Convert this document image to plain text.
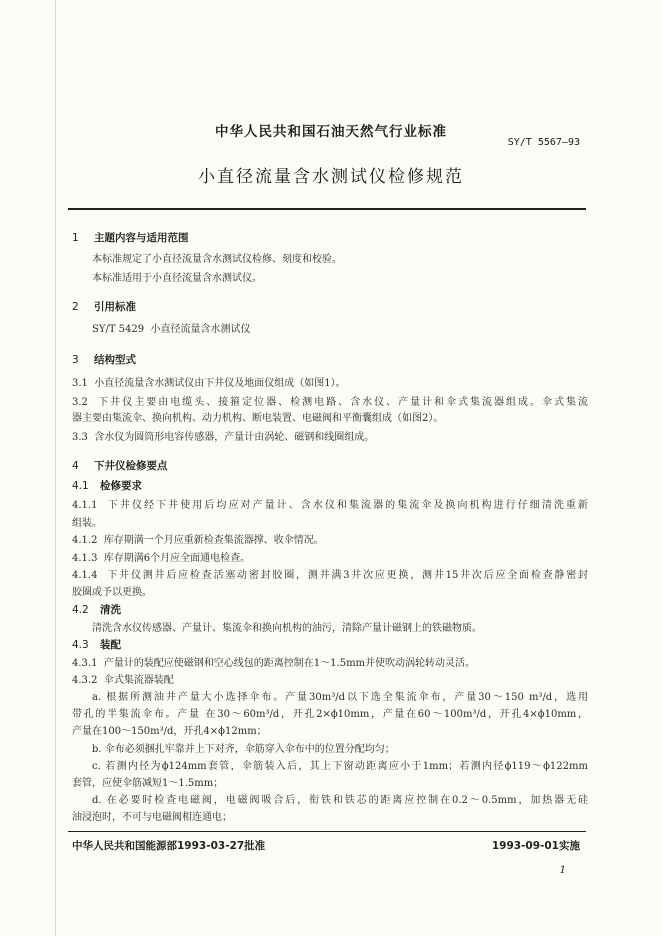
中华人民共和国石油天然气行业标准
SY/T 5567—93
小直径流量含水测试仪检修规范
1 主题内容与适用范围
本标准规定了小直径流量含水测试仪检修、刻度和校验。
本标准适用于小直径流量含水测试仪。
2 引用标准
SY/T 5429  小直径流量含水测试仪
3 结构型式
3.1  小直径流量含水测试仪由下井仪及地面仪组成（如图1）。
3.2  下井仪主要由电缆头、接箍定位器、检测电路、含水仪、产量计和伞式集流器组成。伞式集流
器主要由集流伞、换向机构、动力机构、断电装置、电磁阀和平衡囊组成（如图2）。
3.3  含水仪为圆筒形电容传感器，产量计由涡轮、磁钢和线圈组成。
4 下井仪检修要点
4.1 检修要求
4.1.1  下井仪经下井使用后均应对产量计、含水仪和集流器的集流伞及换向机构进行仔细清洗重新
组装。
4.1.2  库存期满一个月应重新检查集流器撑、收伞情况。
4.1.3  库存期满6个月应全面通电检查。
4.1.4  下井仪测井后应检查活塞动密封胶圈，测井满3井次应更换，测井15井次后应全面检查静密封
胶圈或予以更换。
4.2 清洗
清洗含水仪传感器、产量计、集流伞和换向机构的油污，清除产量计磁钢上的铁磁物质。
4.3 装配
4.3.1  产量计的装配应使磁钢和空心线包的距离控制在1～1.5mm并使吹动涡轮转动灵活。
4.3.2  伞式集流器装配
a. 根据所测油井产量大小选择伞布。产量30m³/d以下选全集流伞布，产量30～150 m³/d，选用
带孔的半集流伞布。产量 在30～60m³/d，开孔2×ϕ10mm，产量在60～100m³/d，开孔4×ϕ10mm，
产量在100～150m³/d，开孔4×ϕ12mm；
b. 伞布必须捆扎牢靠并上下对齐，伞筋穿入伞布中的位置分配均匀；
c. 若测内径为ϕ124mm套管，伞筋装入后，其上下窗动距离应小于1mm；若测内径ϕ119～ϕ122mm
套管，应使伞筋减短1～1.5mm；
d. 在必要时检查电磁阀，电磁阀吸合后，衔铁和铁芯的距离应控制在0.2～0.5mm，加热器无硅
油浸泡时，不可与电磁阀相连通电；
中华人民共和国能源部1993-03-27批准	1993-09-01实施
1
